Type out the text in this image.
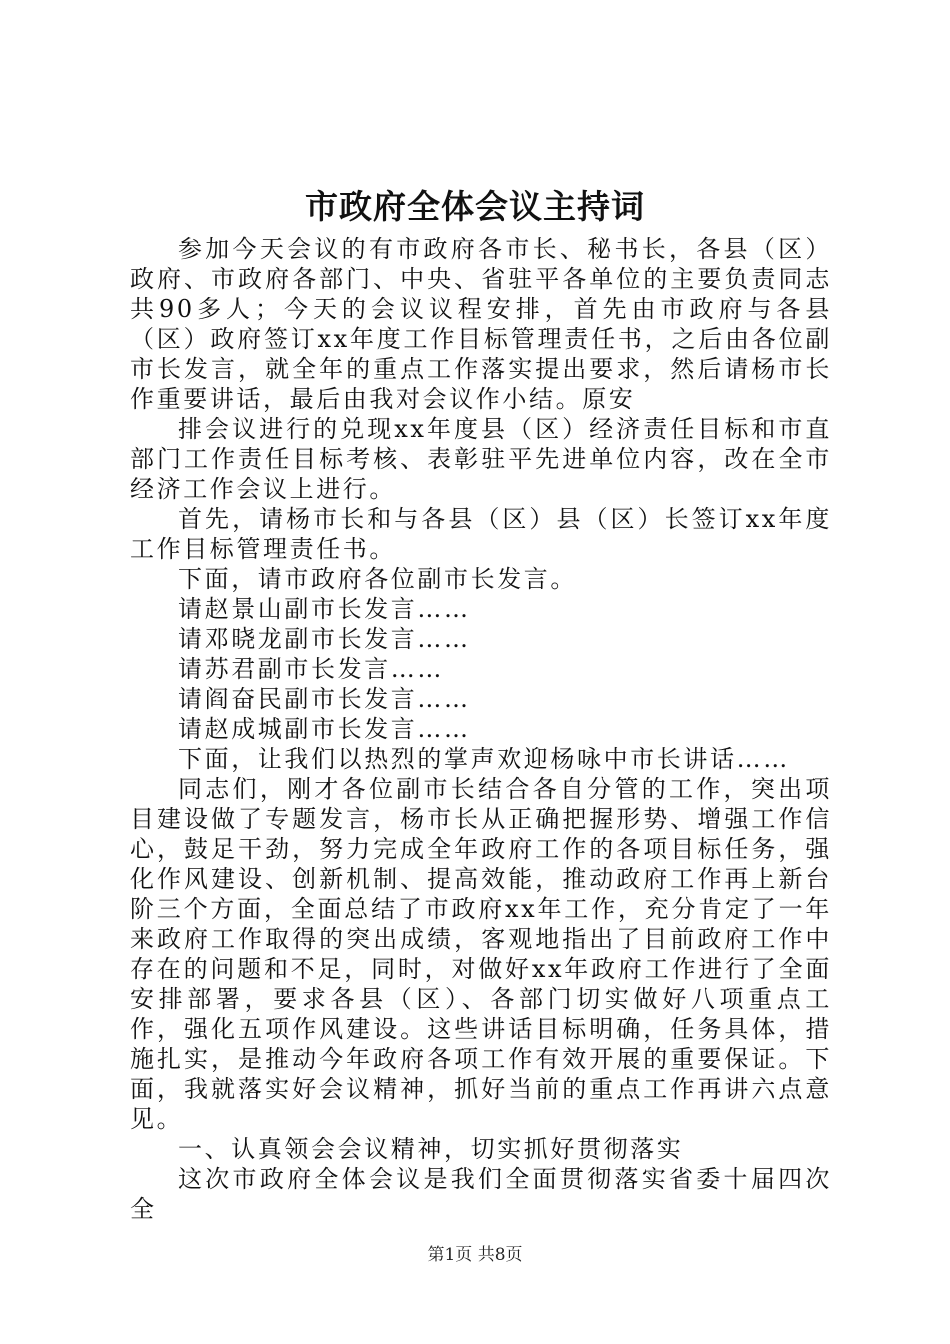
市政府全体会议主持词

参加今天会议的有市政府各市长、秘书长，各县（区）政府、市政府各部门、中央、省驻平各单位的主要负责同志共90多人；今天的会议议程安排，首先由市政府与各县（区）政府签订xx年度工作目标管理责任书，之后由各位副市长发言，就全年的重点工作落实提出要求，然后请杨市长作重要讲话，最后由我对会议作小结。原安

排会议进行的兑现xx年度县（区）经济责任目标和市直部门工作责任目标考核、表彰驻平先进单位内容，改在全市经济工作会议上进行。

首先，请杨市长和与各县（区）县（区）长签订xx年度工作目标管理责任书。

下面，请市政府各位副市长发言。

请赵景山副市长发言……

请邓晓龙副市长发言……

请苏君副市长发言……

请阎奋民副市长发言……

请赵成城副市长发言……

下面，让我们以热烈的掌声欢迎杨咏中市长讲话……

同志们，刚才各位副市长结合各自分管的工作，突出项目建设做了专题发言，杨市长从正确把握形势、增强工作信心，鼓足干劲，努力完成全年政府工作的各项目标任务，强化作风建设、创新机制、提高效能，推动政府工作再上新台阶三个方面，全面总结了市政府xx年工作，充分肯定了一年来政府工作取得的突出成绩，客观地指出了目前政府工作中存在的问题和不足，同时，对做好xx年政府工作进行了全面安排部署，要求各县（区）、各部门切实做好八项重点工作，强化五项作风建设。这些讲话目标明确，任务具体，措施扎实，是推动今年政府各项工作有效开展的重要保证。下面，我就落实好会议精神，抓好当前的重点工作再讲六点意见。

一、认真领会会议精神，切实抓好贯彻落实

这次市政府全体会议是我们全面贯彻落实省委十届四次全

第1页 共8页
